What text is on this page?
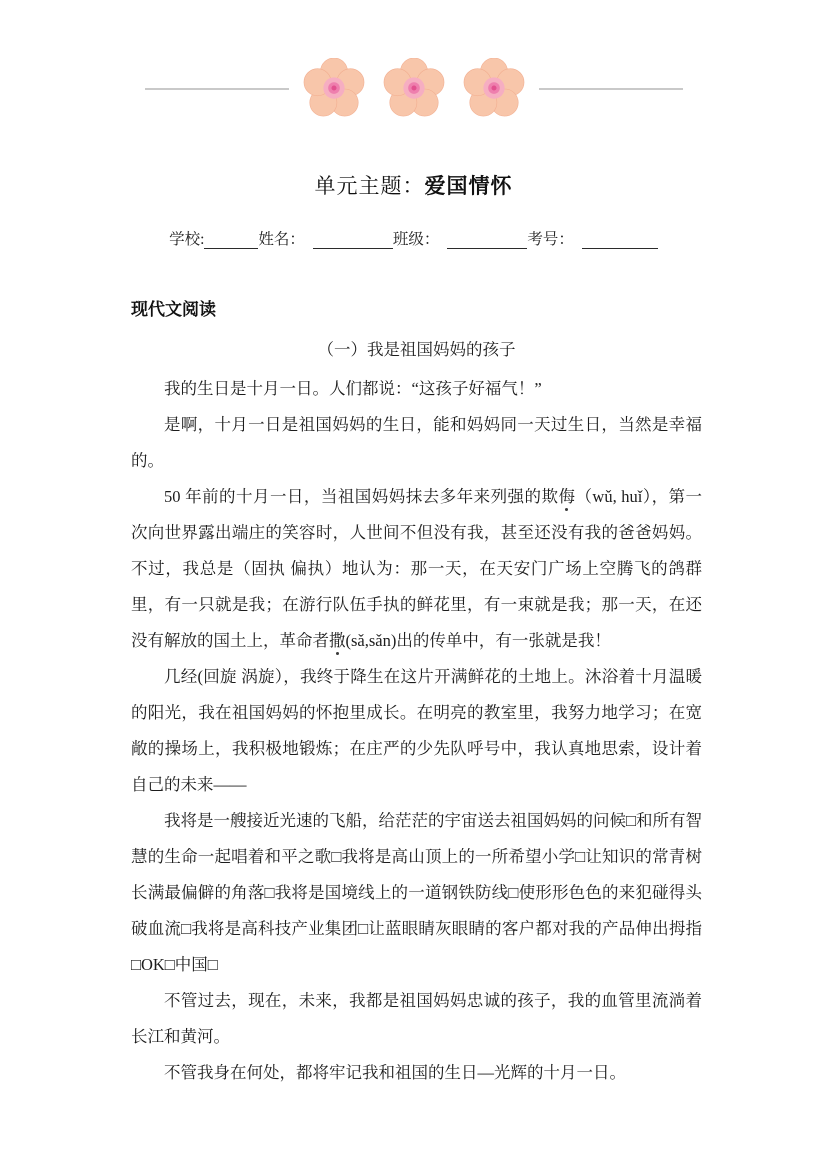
单元主题：爱国情怀
学校:	姓名：	班级：	考号：
现代文阅读
（一）我是祖国妈妈的孩子

我的生日是十月一日。人们都说：“这孩子好福气！”

是啊，十月一日是祖国妈妈的生日，能和妈妈同一天过生日，当然是幸福的。

50 年前的十月一日，当祖国妈妈抹去多年来列强的欺侮（wǔ, huǐ），第一次向世界露出端庄的笑容时，人世间不但没有我，甚至还没有我的爸爸妈妈。不过，我总是（固执 偏执）地认为：那一天，在天安门广场上空腾飞的鸽群里，有一只就是我；在游行队伍手执的鲜花里，有一束就是我；那一天，在还没有解放的国土上，革命者撒(sǎ,sǎn)出的传单中，有一张就是我！

几经(回旋 涡旋），我终于降生在这片开满鲜花的土地上。沐浴着十月温暖的阳光，我在祖国妈妈的怀抱里成长。在明亮的教室里，我努力地学习；在宽敞的操场上，我积极地锻炼；在庄严的少先队呼号中，我认真地思索，设计着自己的未来——

我将是一艘接近光速的飞船，给茫茫的宇宙送去祖国妈妈的问候□和所有智慧的生命一起唱着和平之歌□我将是高山顶上的一所希望小学□让知识的常青树长满最偏僻的角落□我将是国境线上的一道钢铁防线□使形形色色的来犯碰得头破血流□我将是高科技产业集团□让蓝眼睛灰眼睛的客户都对我的产品伸出拇指□OK□中国□

不管过去，现在，未来，我都是祖国妈妈忠诚的孩子，我的血管里流淌着长江和黄河。

不管我身在何处，都将牢记我和祖国的生日—光辉的十月一日。
